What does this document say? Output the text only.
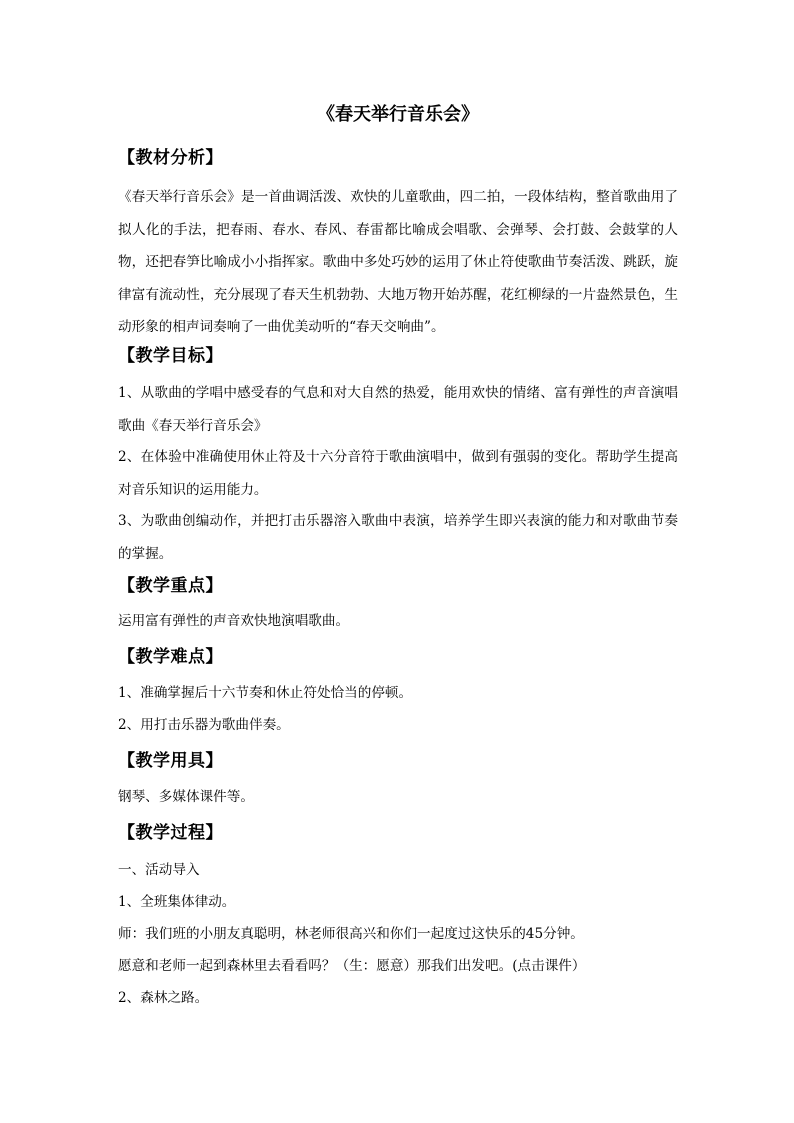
《春天举行音乐会》
【教材分析】
《春天举行音乐会》是一首曲调活泼、欢快的儿童歌曲，四二拍，一段体结构，整首歌曲用了拟人化的手法，把春雨、春水、春风、春雷都比喻成会唱歌、会弹琴、会打鼓、会鼓掌的人物，还把春笋比喻成小小指挥家。歌曲中多处巧妙的运用了休止符使歌曲节奏活泼、跳跃，旋律富有流动性，充分展现了春天生机勃勃、大地万物开始苏醒，花红柳绿的一片盎然景色，生动形象的相声词奏响了一曲优美动听的“春天交响曲”。
【教学目标】
1、从歌曲的学唱中感受春的气息和对大自然的热爱，能用欢快的情绪、富有弹性的声音演唱歌曲《春天举行音乐会》
2、在体验中准确使用休止符及十六分音符于歌曲演唱中，做到有强弱的变化。帮助学生提高对音乐知识的运用能力。
3、为歌曲创编动作，并把打击乐器溶入歌曲中表演，培养学生即兴表演的能力和对歌曲节奏的掌握。
【教学重点】
运用富有弹性的声音欢快地演唱歌曲。
【教学难点】
1、准确掌握后十六节奏和休止符处恰当的停顿。
2、用打击乐器为歌曲伴奏。
【教学用具】
钢琴、多媒体课件等。
【教学过程】
一、活动导入
1、全班集体律动。
师：我们班的小朋友真聪明，林老师很高兴和你们一起度过这快乐的45分钟。
愿意和老师一起到森林里去看看吗？（生：愿意）那我们出发吧。(点击课件）
2、森林之路。
